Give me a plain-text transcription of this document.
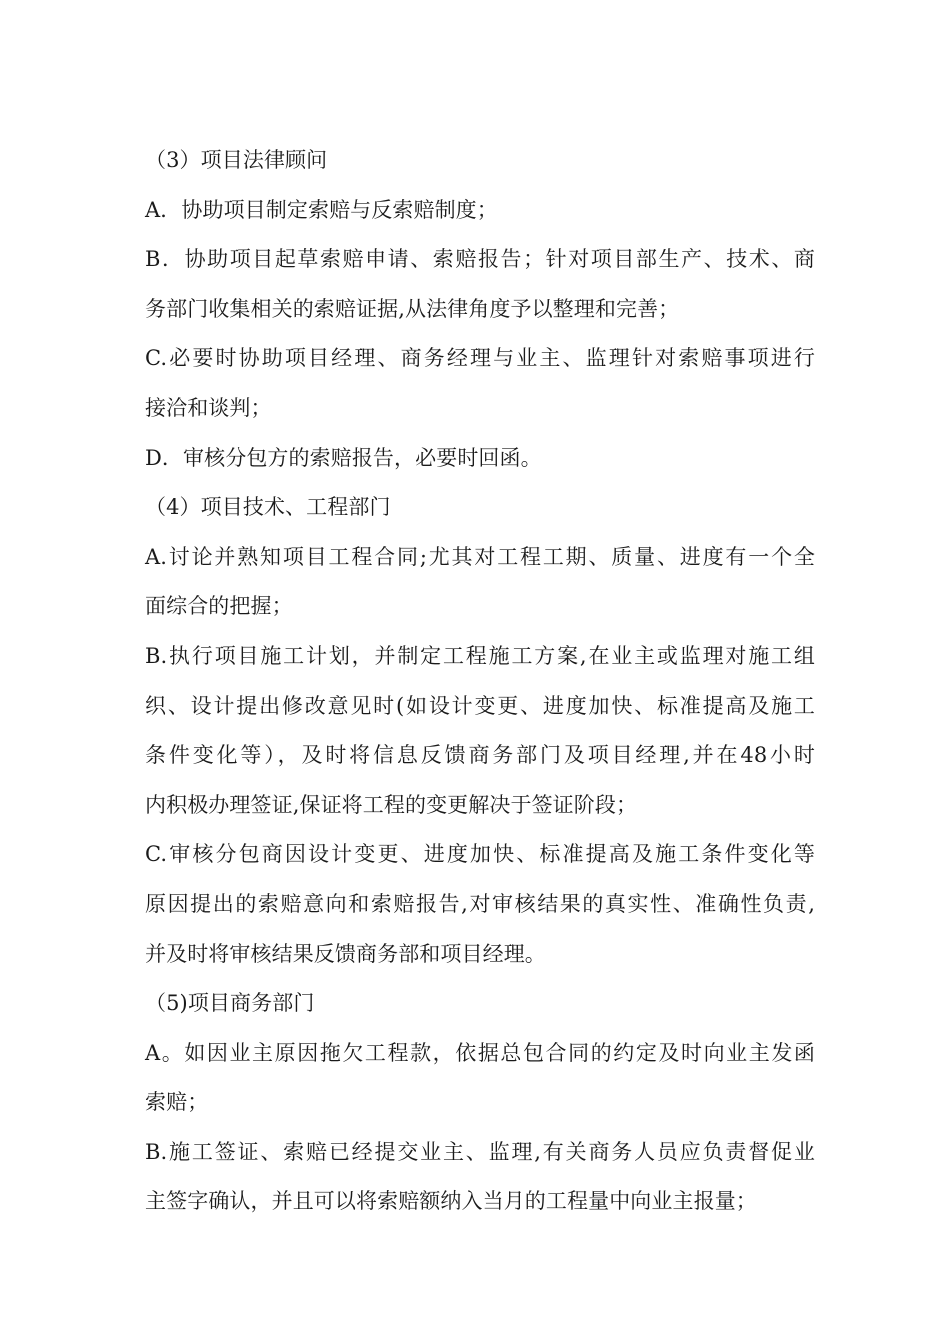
（3）项目法律顾问
A．协助项目制定索赔与反索赔制度；
B．协助项目起草索赔申请、索赔报告；针对项目部生产、技术、商
务部门收集相关的索赔证据,从法律角度予以整理和完善；
C.必要时协助项目经理、商务经理与业主、监理针对索赔事项进行
接洽和谈判；
D．审核分包方的索赔报告，必要时回函。
（4）项目技术、工程部门
A.讨论并熟知项目工程合同;尤其对工程工期、质量、进度有一个全
面综合的把握；
B.执行项目施工计划，并制定工程施工方案,在业主或监理对施工组
织、设计提出修改意见时(如设计变更、进度加快、标准提高及施工
条件变化等），及时将信息反馈商务部门及项目经理,并在48小时
内积极办理签证,保证将工程的变更解决于签证阶段；
C.审核分包商因设计变更、进度加快、标准提高及施工条件变化等
原因提出的索赔意向和索赔报告,对审核结果的真实性、准确性负责,
并及时将审核结果反馈商务部和项目经理。
（5)项目商务部门
A。如因业主原因拖欠工程款，依据总包合同的约定及时向业主发函
索赔；
B.施工签证、索赔已经提交业主、监理,有关商务人员应负责督促业
主签字确认，并且可以将索赔额纳入当月的工程量中向业主报量；
